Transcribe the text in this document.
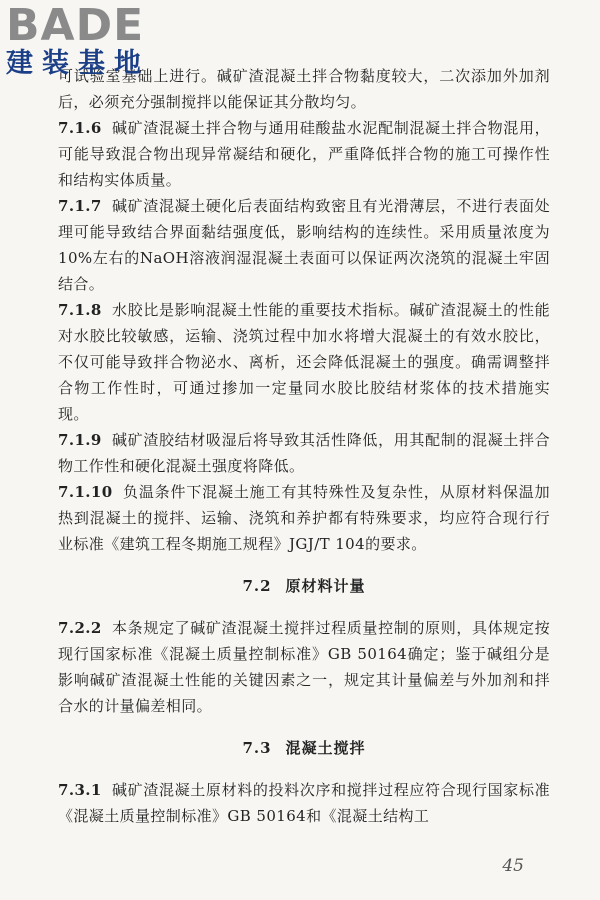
BADE
建装基地

可试验室基础上进行。碱矿渣混凝土拌合物黏度较大，二次添加外加剂后，必须充分强制搅拌以能保证其分散均匀。

7.1.6 碱矿渣混凝土拌合物与通用硅酸盐水泥配制混凝土拌合物混用，可能导致混合物出现异常凝结和硬化，严重降低拌合物的施工可操作性和结构实体质量。

7.1.7 碱矿渣混凝土硬化后表面结构致密且有光滑薄层，不进行表面处理可能导致结合界面黏结强度低，影响结构的连续性。采用质量浓度为10%左右的NaOH溶液润湿混凝土表面可以保证两次浇筑的混凝土牢固结合。

7.1.8 水胶比是影响混凝土性能的重要技术指标。碱矿渣混凝土的性能对水胶比较敏感，运输、浇筑过程中加水将增大混凝土的有效水胶比，不仅可能导致拌合物泌水、离析，还会降低混凝土的强度。确需调整拌合物工作性时，可通过掺加一定量同水胶比胶结材浆体的技术措施实现。

7.1.9 碱矿渣胶结材吸湿后将导致其活性降低，用其配制的混凝土拌合物工作性和硬化混凝土强度将降低。

7.1.10 负温条件下混凝土施工有其特殊性及复杂性，从原材料保温加热到混凝土的搅拌、运输、浇筑和养护都有特殊要求，均应符合现行行业标准《建筑工程冬期施工规程》JGJ/T 104的要求。

7.2 原材料计量

7.2.2 本条规定了碱矿渣混凝土搅拌过程质量控制的原则，具体规定按现行国家标准《混凝土质量控制标准》GB 50164确定；鉴于碱组分是影响碱矿渣混凝土性能的关键因素之一，规定其计量偏差与外加剂和拌合水的计量偏差相同。

7.3 混凝土搅拌

7.3.1 碱矿渣混凝土原材料的投料次序和搅拌过程应符合现行国家标准《混凝土质量控制标准》GB 50164和《混凝土结构工

45
